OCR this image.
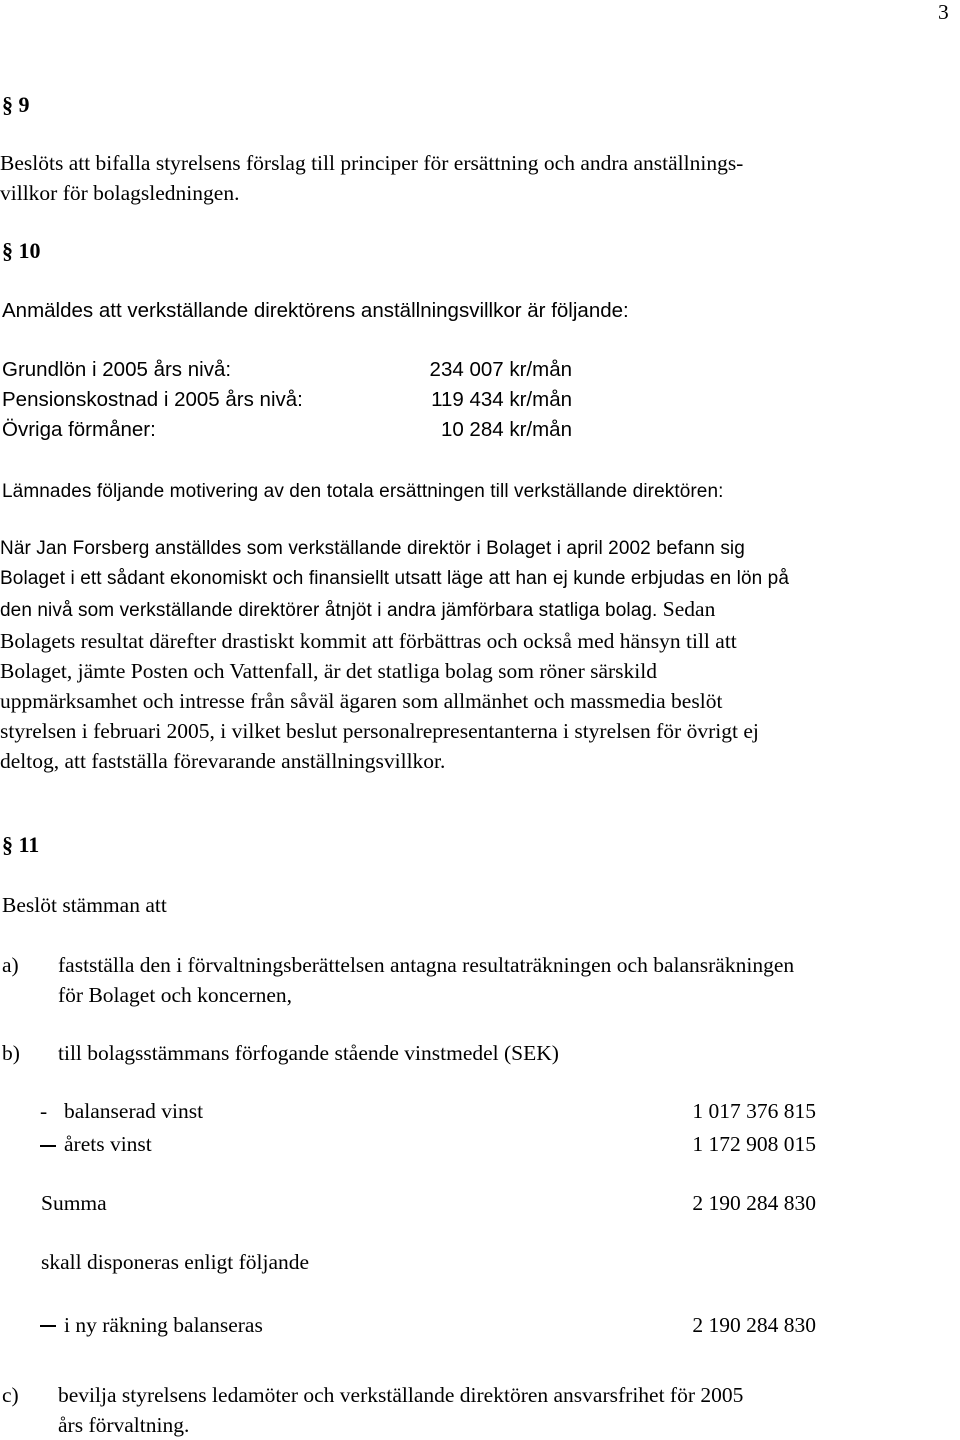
3
§ 9
Beslöts att bifalla styrelsens förslag till principer för ersättning och andra anställnings-
villkor för bolagsledningen.
§ 10
Anmäldes att verkställande direktörens anställningsvillkor är följande:
Grundlön i 2005 års nivå:	234 007 kr/mån
Pensionskostnad i 2005 års nivå:	119 434 kr/mån
Övriga förmåner:	10 284 kr/mån
Lämnades följande motivering av den totala ersättningen till verkställande direktören:
När Jan Forsberg anställdes som verkställande direktör i Bolaget i april 2002 befann sig
Bolaget i ett sådant ekonomiskt och finansiellt utsatt läge att han ej kunde erbjudas en lön på
den nivå som verkställande direktörer åtnjöt i andra jämförbara statliga bolag. Sedan
Bolagets resultat därefter drastiskt kommit att förbättras och också med hänsyn till att
Bolaget, jämte Posten och Vattenfall, är det statliga bolag som röner särskild
uppmärksamhet och intresse från såväl ägaren som allmänhet och massmedia beslöt
styrelsen i februari 2005, i vilket beslut personalrepresentanterna i styrelsen för övrigt ej
deltog, att fastställa förevarande anställningsvillkor.
§ 11
Beslöt stämman att
a) fastställa den i förvaltningsberättelsen antagna resultaträkningen och balansräkningen
för Bolaget och koncernen,
b) till bolagsstämmans förfogande stående vinstmedel (SEK)
- balanserad vinst	1 017 376 815
årets vinst	1 172 908 015
Summa	2 190 284 830
skall disponeras enligt följande
i ny räkning balanseras	2 190 284 830
c) bevilja styrelsens ledamöter och verkställande direktören ansvarsfrihet för 2005
års förvaltning.
